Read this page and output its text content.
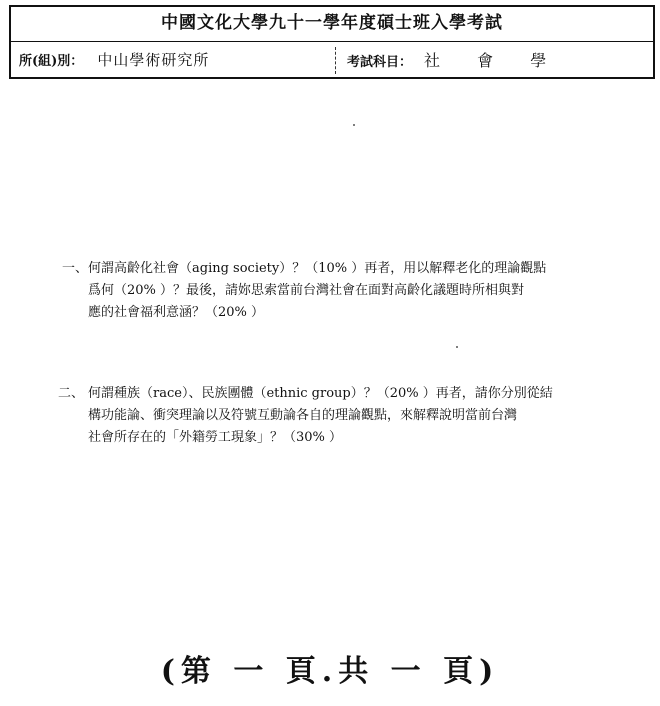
中國文化大學九十一學年度碩士班入學考試
所(組)別： 中山學術研究所	考試科目： 社 會 學
一、 何謂高齡化社會（aging society）？（10% ）再者，用以解釋老化的理論觀點
爲何（20% ）？最後，請妳思索當前台灣社會在面對高齡化議題時所相與對
應的社會福利意涵？（20% ）
二、 何謂種族（race）、民族團體（ethnic group）？（20% ）再者，請你分別從結
構功能論、衝突理論以及符號互動論各自的理論觀點，來解釋說明當前台灣
社會所存在的「外籍勞工現象」？（30% ）
(第 一 頁.共 一 頁)
